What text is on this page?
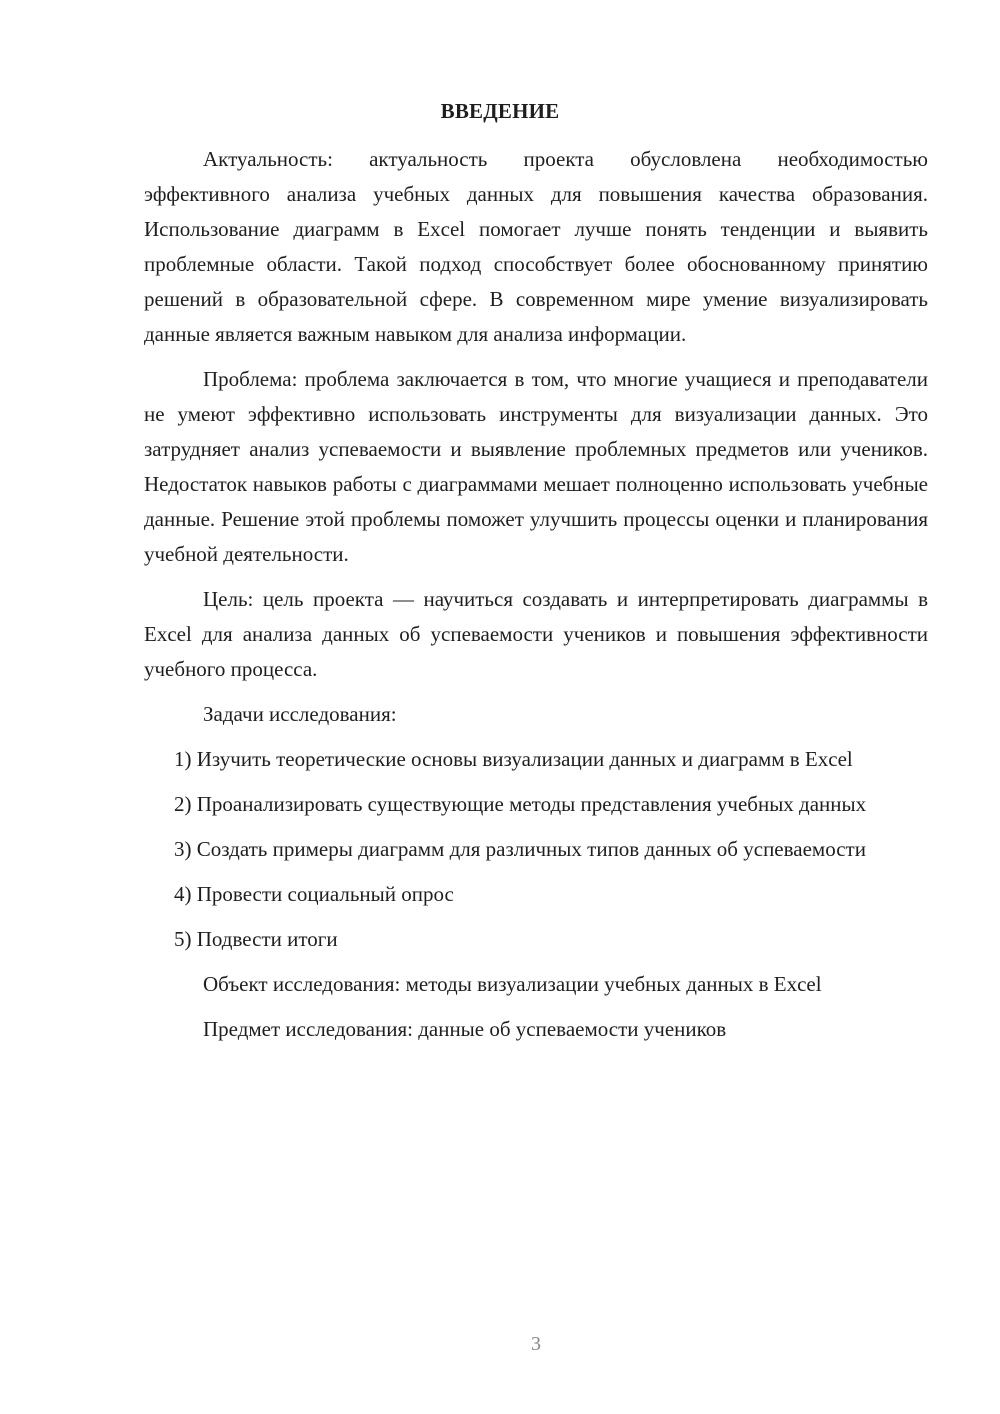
ВВЕДЕНИЕ

Актуальность: актуальность проекта обусловлена необходимостью эффективного анализа учебных данных для повышения качества образования. Использование диаграмм в Excel помогает лучше понять тенденции и выявить проблемные области. Такой подход способствует более обоснованному принятию решений в образовательной сфере. В современном мире умение визуализировать данные является важным навыком для анализа информации.

Проблема: проблема заключается в том, что многие учащиеся и преподаватели не умеют эффективно использовать инструменты для визуализации данных. Это затрудняет анализ успеваемости и выявление проблемных предметов или учеников. Недостаток навыков работы с диаграммами мешает полноценно использовать учебные данные. Решение этой проблемы поможет улучшить процессы оценки и планирования учебной деятельности.

Цель: цель проекта — научиться создавать и интерпретировать диаграммы в Excel для анализа данных об успеваемости учеников и повышения эффективности учебного процесса.

Задачи исследования:

1) Изучить теоретические основы визуализации данных и диаграмм в Excel

2) Проанализировать существующие методы представления учебных данных

3) Создать примеры диаграмм для различных типов данных об успеваемости

4) Провести социальный опрос

5) Подвести итоги

Объект исследования: методы визуализации учебных данных в Excel

Предмет исследования: данные об успеваемости учеников

3
